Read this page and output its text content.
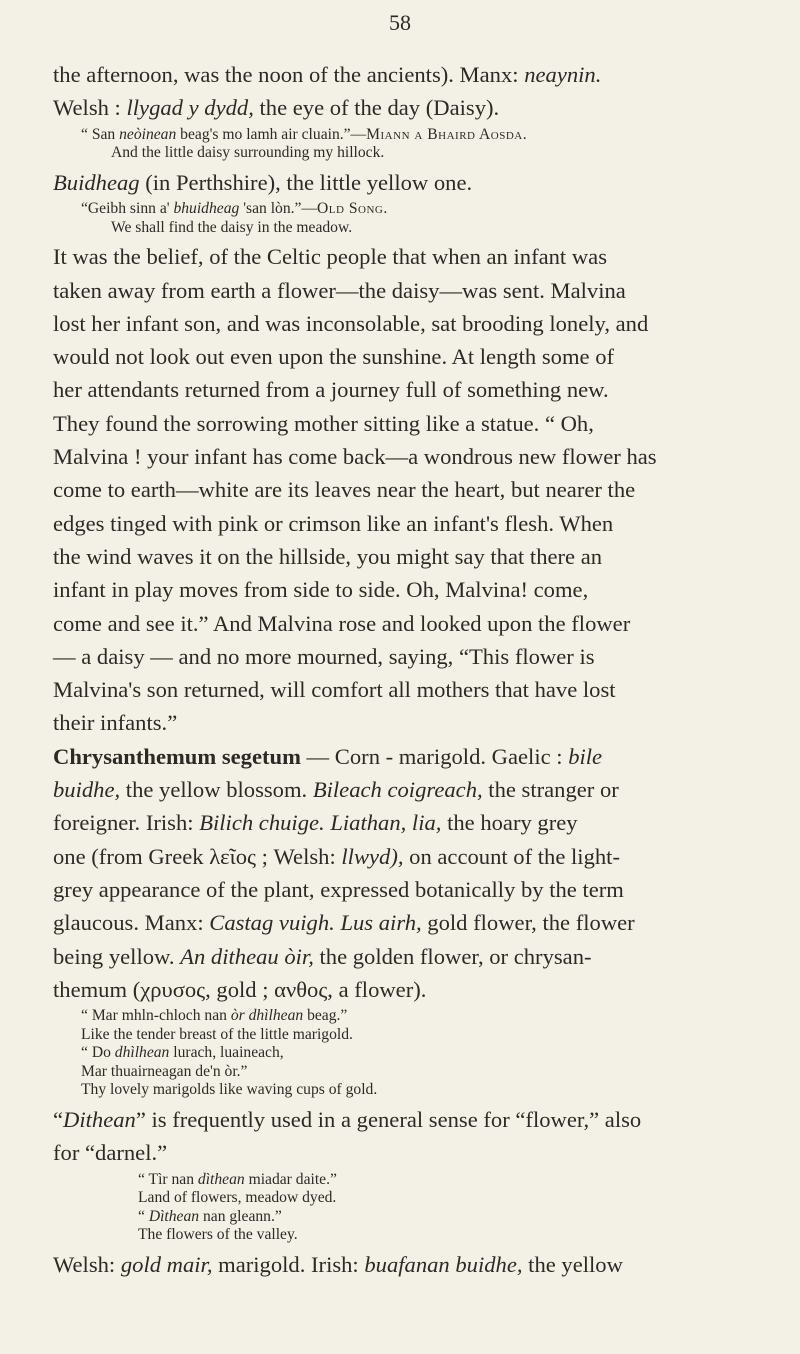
58

the afternoon, was the noon of the ancients). Manx: neaynin.

Welsh : llygad y dydd, the eye of the day (Daisy).

“ San neòinean beag's mo lamh air cluain.”—Miann a Bhaird Aosda.

And the little daisy surrounding my hillock.

Buidheag (in Perthshire), the little yellow one.

“Geibh sinn a' bhuidheag 'san lòn.”—Old Song.

We shall find the daisy in the meadow.

It was the belief, of the Celtic people that when an infant was

taken away from earth a flower—the daisy—was sent. Malvina

lost her infant son, and was inconsolable, sat brooding lonely, and

would not look out even upon the sunshine. At length some of

her attendants returned from a journey full of something new.

They found the sorrowing mother sitting like a statue. “ Oh,

Malvina ! your infant has come back—a wondrous new flower has

come to earth—white are its leaves near the heart, but nearer the

edges tinged with pink or crimson like an infant's flesh. When

the wind waves it on the hillside, you might say that there an

infant in play moves from side to side. Oh, Malvina! come,

come and see it.” And Malvina rose and looked upon the flower

— a daisy — and no more mourned, saying, “This flower is

Malvina's son returned, will comfort all mothers that have lost

their infants.”

Chrysanthemum segetum — Corn - marigold. Gaelic : bile

buidhe, the yellow blossom. Bileach coigreach, the stranger or

foreigner. Irish: Bilich chuige. Liathan, lia, the hoary grey

one (from Greek λεῖος ; Welsh: llwyd), on account of the light-

grey appearance of the plant, expressed botanically by the term

glaucous. Manx: Castag vuigh. Lus airh, gold flower, the flower

being yellow. An ditheau òir, the golden flower, or chrysan-

themum (χρυσος, gold ; ανθος, a flower).

“ Mar mhln-chloch nan òr dhìlhean beag.”

Like the tender breast of the little marigold.

“ Do dhìlhean lurach, luaineach,

Mar thuairneagan de'n òr.”

Thy lovely marigolds like waving cups of gold.

“Dithean” is frequently used in a general sense for “flower,” also

for “darnel.”

“ Tìr nan dìthean miadar daite.”

Land of flowers, meadow dyed.

“ Dìthean nan gleann.”

The flowers of the valley.

Welsh: gold mair, marigold. Irish: buafanan buidhe, the yellow
